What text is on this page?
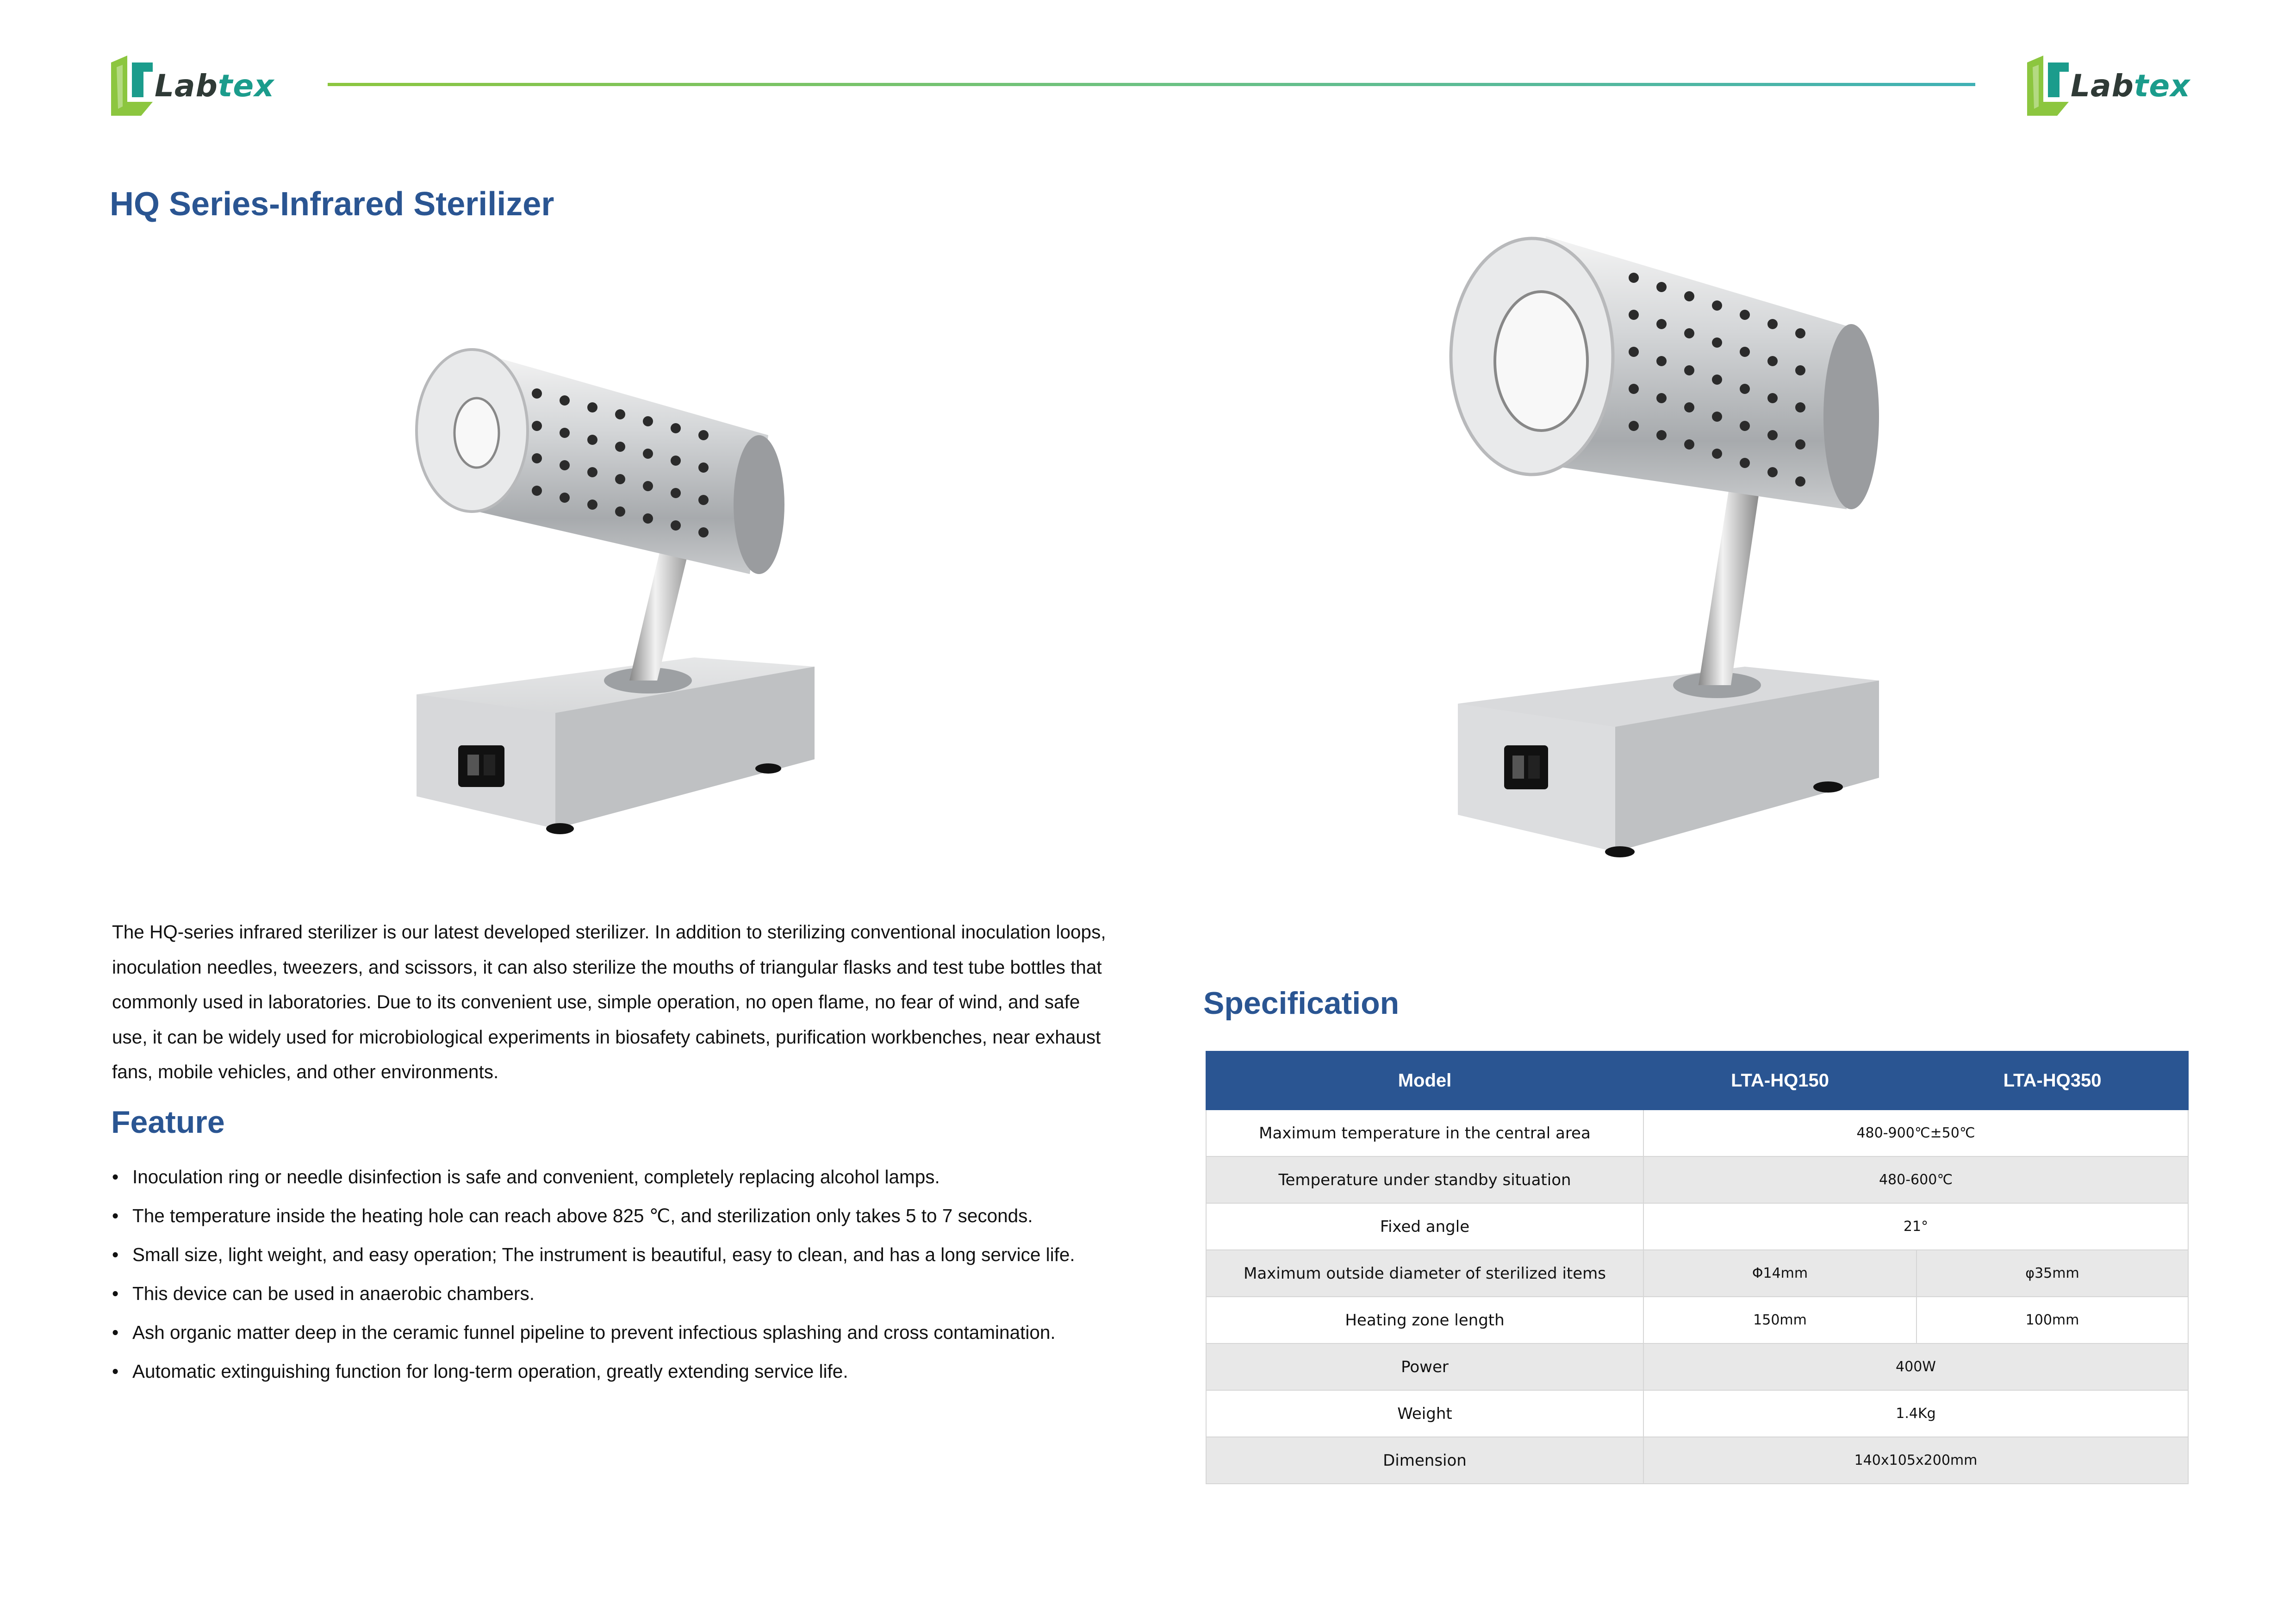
Labtex	Labtex
HQ Series-Infrared Sterilizer

The HQ-series infrared sterilizer is our latest developed sterilizer. In addition to sterilizing conventional inoculation loops, inoculation needles, tweezers, and scissors, it can also sterilize the mouths of triangular flasks and test tube bottles that commonly used in laboratories. Due to its convenient use, simple operation, no open flame, no fear of wind, and safe use, it can be widely used for microbiological experiments in biosafety cabinets, purification workbenches, near exhaust fans, mobile vehicles, and other environments.

Feature
• Inoculation ring or needle disinfection is safe and convenient, completely replacing alcohol lamps.
• The temperature inside the heating hole can reach above 825 ℃, and sterilization only takes 5 to 7 seconds.
• Small size, light weight, and easy operation; The instrument is beautiful, easy to clean, and has a long service life.
• This device can be used in anaerobic chambers.
• Ash organic matter deep in the ceramic funnel pipeline to prevent infectious splashing and cross contamination.
• Automatic extinguishing function for long-term operation, greatly extending service life.
Specification
Model	LTA-HQ150	LTA-HQ350
Maximum temperature in the central area	480-900℃±50℃	
Temperature under standby situation	480-600℃	
Fixed angle	21°	
Maximum outside diameter of sterilized items	Φ14mm	φ35mm
Heating zone length	150mm	100mm
Power	400W	
Weight	1.4Kg	
Dimension	140x105x200mm	
